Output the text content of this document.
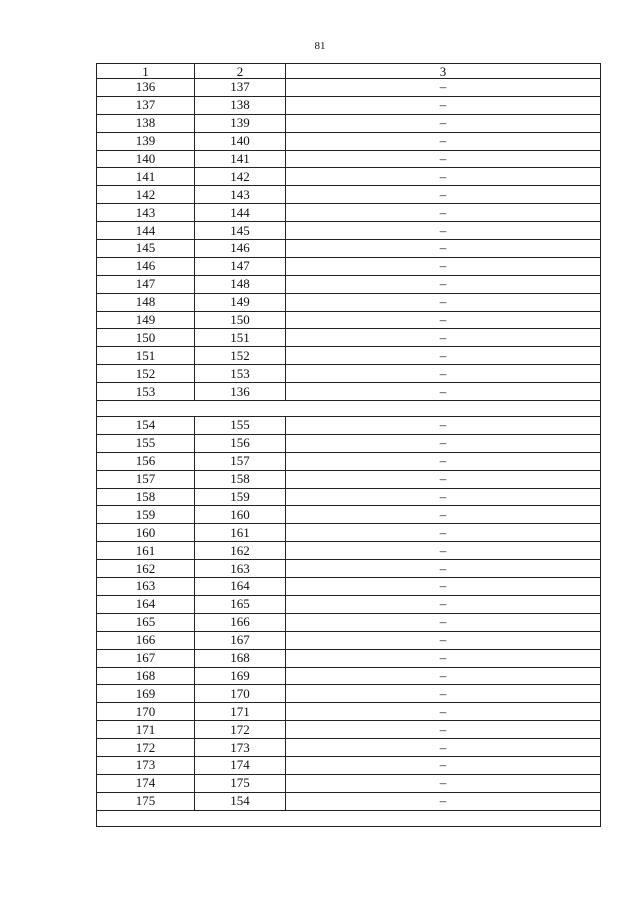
81
1	2	3
136	137	–
137	138	–
138	139	–
139	140	–
140	141	–
141	142	–
142	143	–
143	144	–
144	145	–
145	146	–
146	147	–
147	148	–
148	149	–
149	150	–
150	151	–
151	152	–
152	153	–
153	136	–

154	155	–
155	156	–
156	157	–
157	158	–
158	159	–
159	160	–
160	161	–
161	162	–
162	163	–
163	164	–
164	165	–
165	166	–
166	167	–
167	168	–
168	169	–
169	170	–
170	171	–
171	172	–
172	173	–
173	174	–
174	175	–
175	154	–
